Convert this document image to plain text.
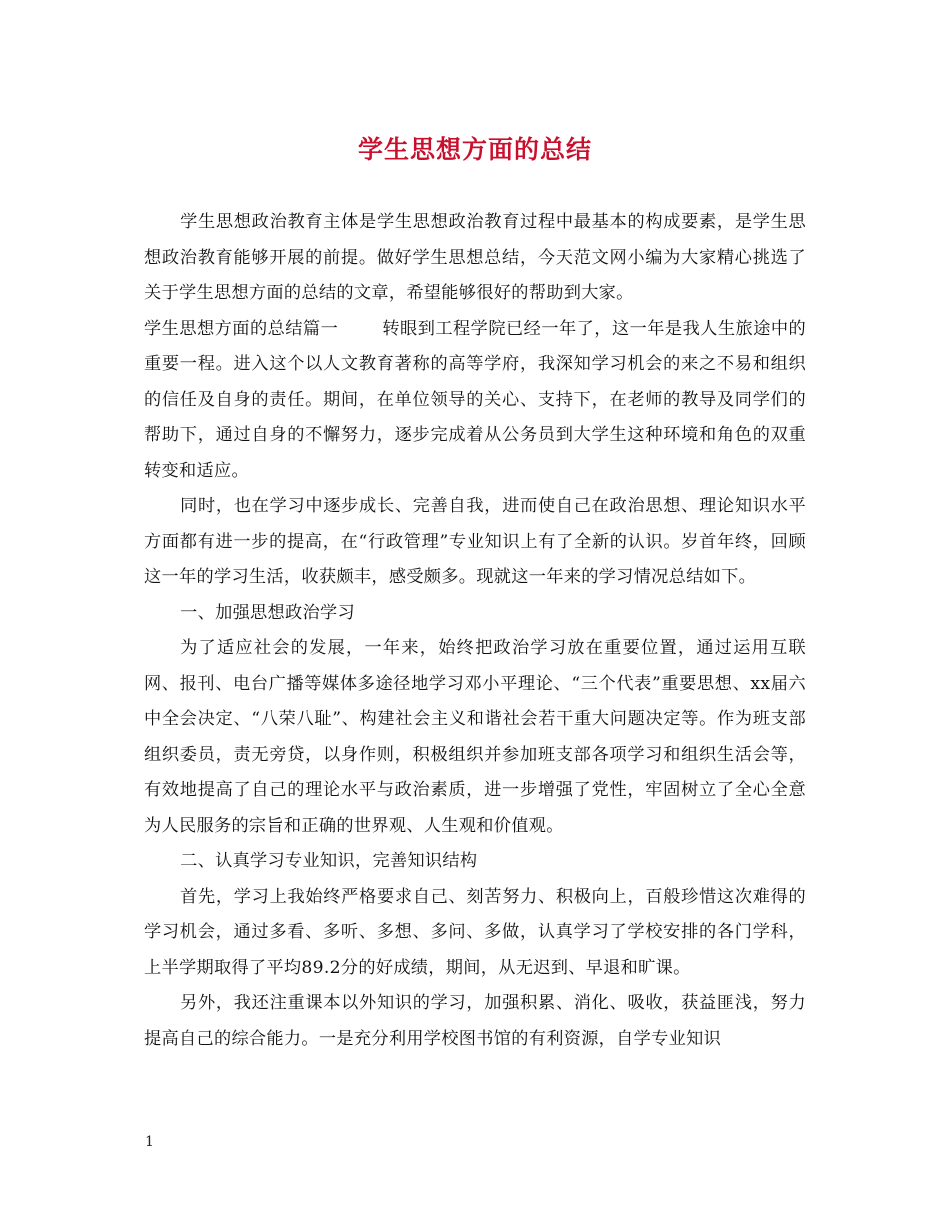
学生思想方面的总结

学生思想政治教育主体是学生思想政治教育过程中最基本的构成要素，是学生思想政治教育能够开展的前提。做好学生思想总结，今天范文网小编为大家精心挑选了关于学生思想方面的总结的文章，希望能够很好的帮助到大家。

学生思想方面的总结篇一	转眼到工程学院已经一年了，这一年是我人生旅途中的重要一程。进入这个以人文教育著称的高等学府，我深知学习机会的来之不易和组织的信任及自身的责任。期间，在单位领导的关心、支持下，在老师的教导及同学们的帮助下，通过自身的不懈努力，逐步完成着从公务员到大学生这种环境和角色的双重转变和适应。

同时，也在学习中逐步成长、完善自我，进而使自己在政治思想、理论知识水平方面都有进一步的提高，在“行政管理”专业知识上有了全新的认识。岁首年终，回顾这一年的学习生活，收获颇丰，感受颇多。现就这一年来的学习情况总结如下。

一、加强思想政治学习

为了适应社会的发展，一年来，始终把政治学习放在重要位置，通过运用互联网、报刊、电台广播等媒体多途径地学习邓小平理论、“三个代表”重要思想、xx届六中全会决定、“八荣八耻”、构建社会主义和谐社会若干重大问题决定等。作为班支部组织委员，责无旁贷，以身作则，积极组织并参加班支部各项学习和组织生活会等，有效地提高了自己的理论水平与政治素质，进一步增强了党性，牢固树立了全心全意为人民服务的宗旨和正确的世界观、人生观和价值观。

二、认真学习专业知识，完善知识结构

首先，学习上我始终严格要求自己、刻苦努力、积极向上，百般珍惜这次难得的学习机会，通过多看、多听、多想、多问、多做，认真学习了学校安排的各门学科，上半学期取得了平均89.2分的好成绩，期间，从无迟到、早退和旷课。

另外，我还注重课本以外知识的学习，加强积累、消化、吸收，获益匪浅，努力提高自己的综合能力。一是充分利用学校图书馆的有利资源，自学专业知识

1
